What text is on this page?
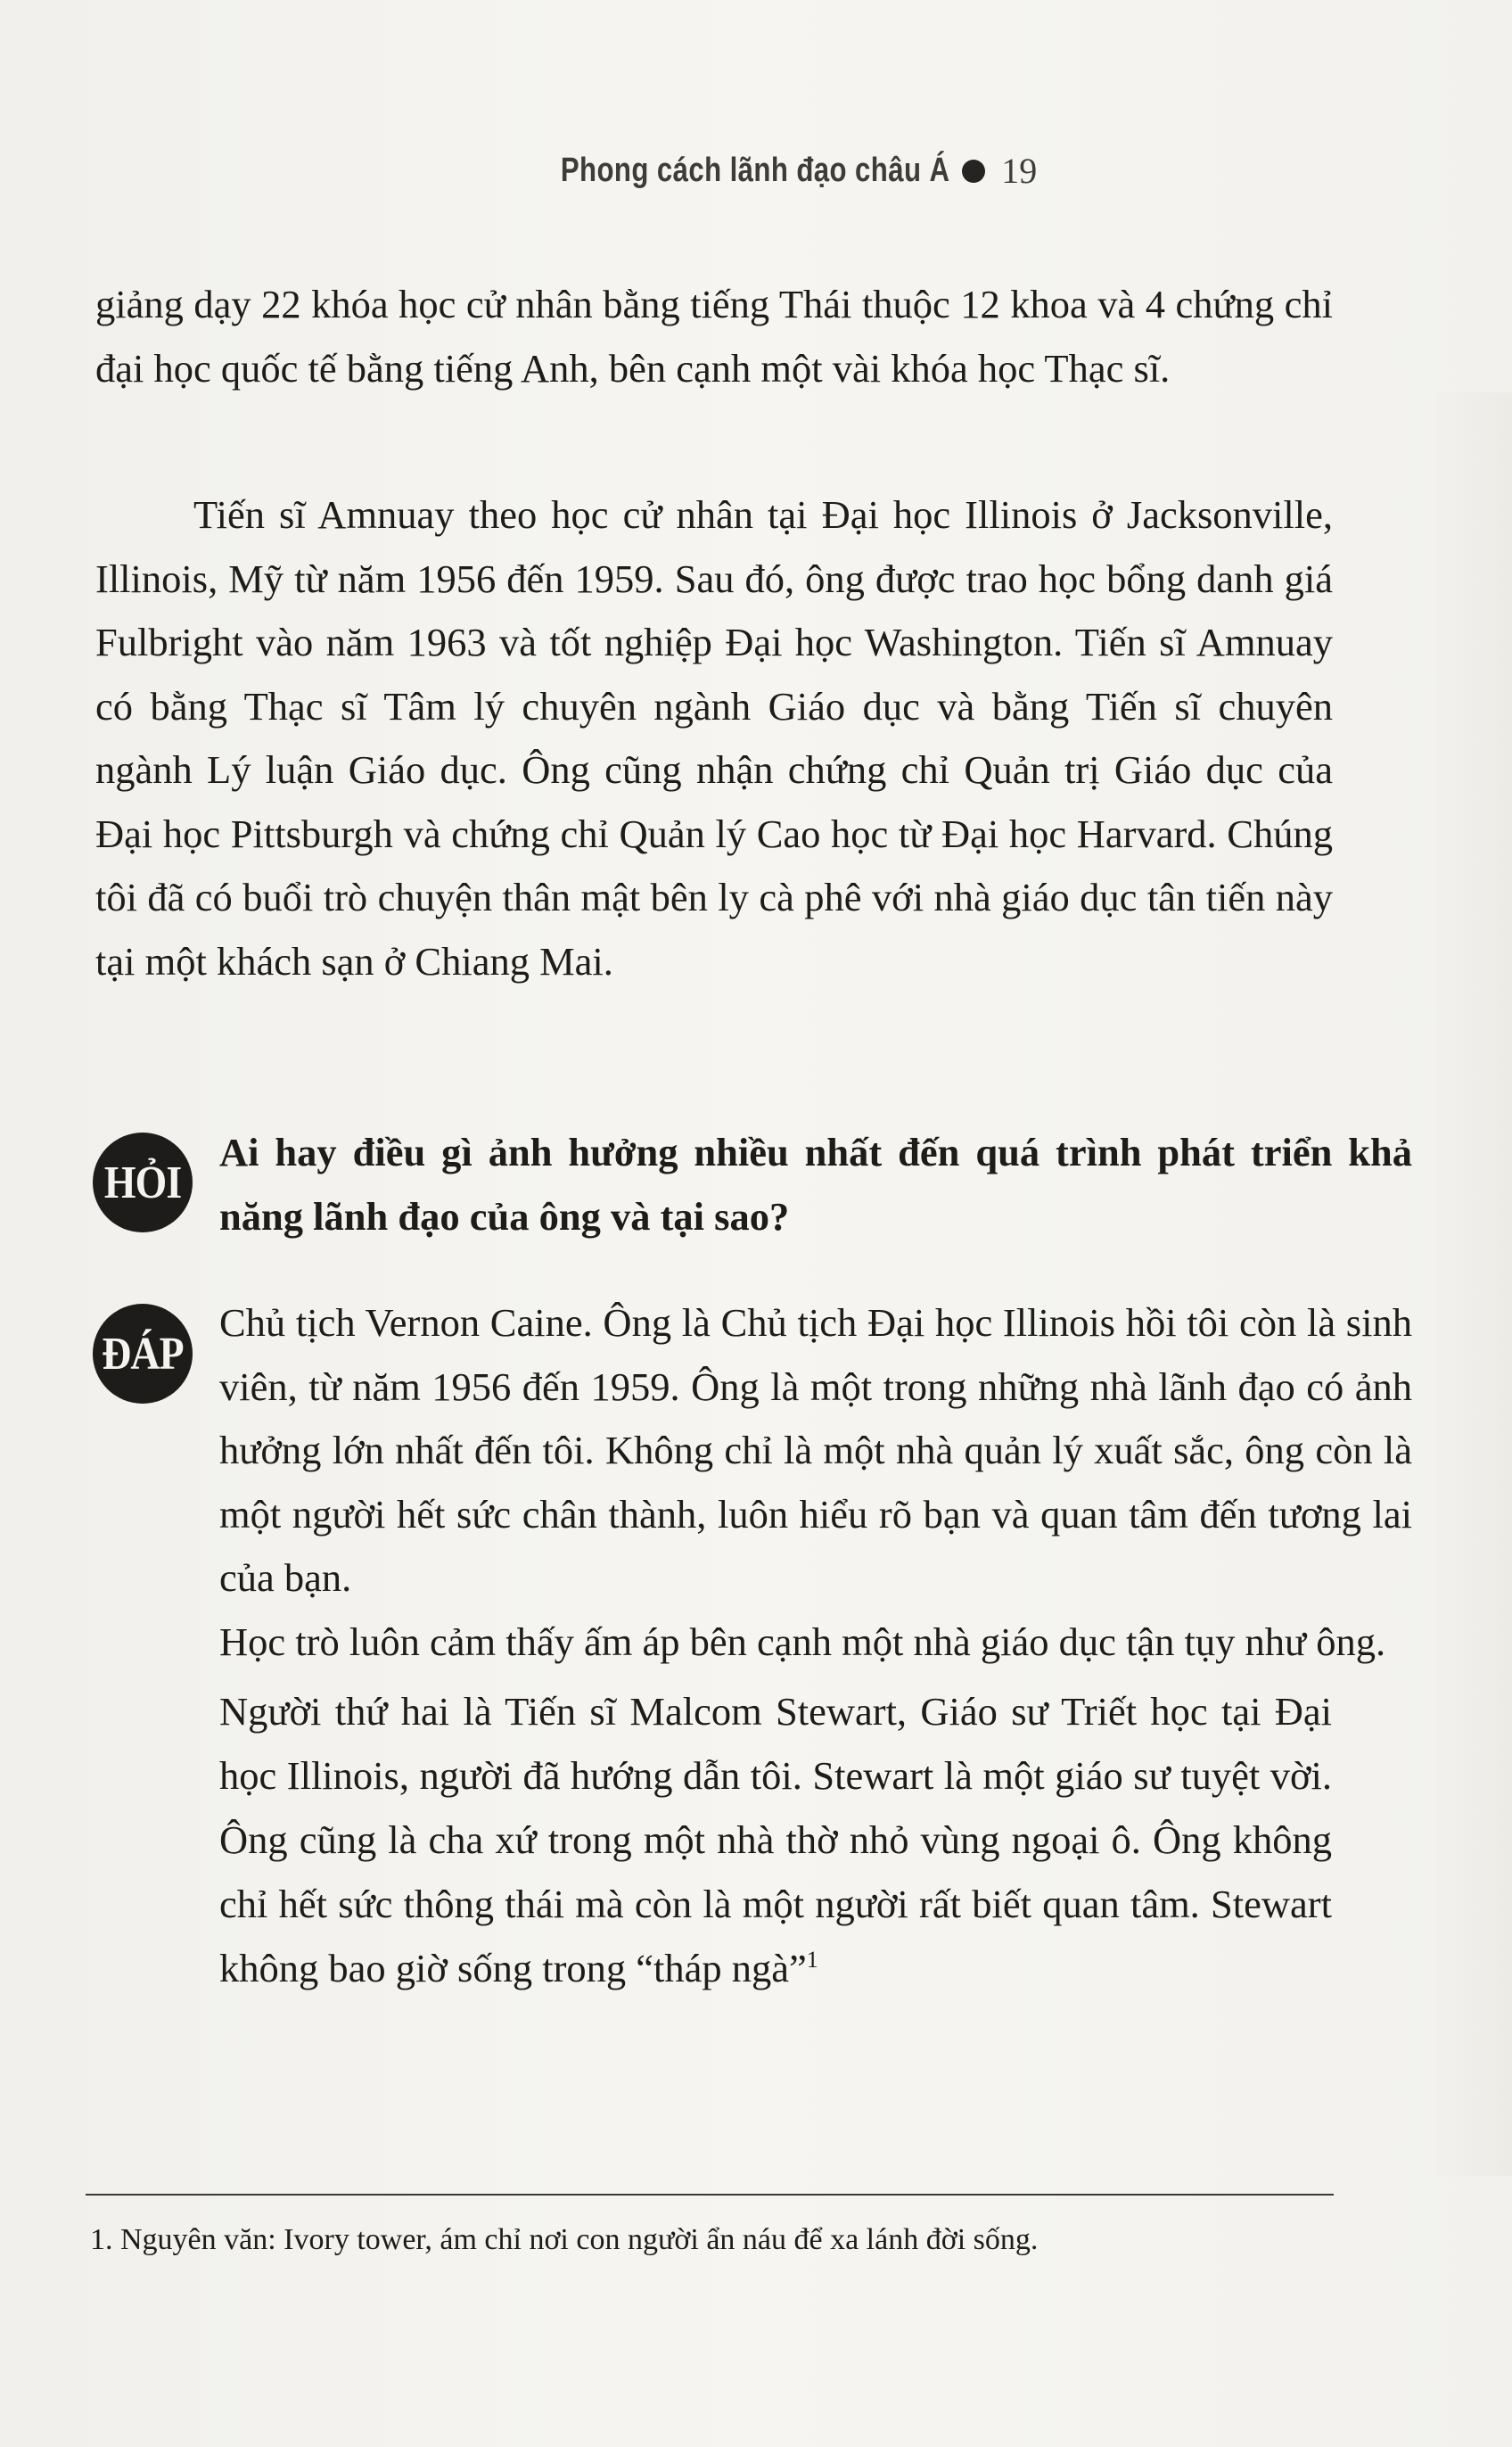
Phong cách lãnh đạo châu Á 19
giảng dạy 22 khóa học cử nhân bằng tiếng Thái thuộc 12 khoa và 4 chứng chỉ đại học quốc tế bằng tiếng Anh, bên cạnh một vài khóa học Thạc sĩ.
Tiến sĩ Amnuay theo học cử nhân tại Đại học Illinois ở Jacksonville, Illinois, Mỹ từ năm 1956 đến 1959. Sau đó, ông được trao học bổng danh giá Fulbright vào năm 1963 và tốt nghiệp Đại học Washington. Tiến sĩ Amnuay có bằng Thạc sĩ Tâm lý chuyên ngành Giáo dục và bằng Tiến sĩ chuyên ngành Lý luận Giáo dục. Ông cũng nhận chứng chỉ Quản trị Giáo dục của Đại học Pittsburgh và chứng chỉ Quản lý Cao học từ Đại học Harvard. Chúng tôi đã có buổi trò chuyện thân mật bên ly cà phê với nhà giáo dục tân tiến này tại một khách sạn ở Chiang Mai.
HỎI
Ai hay điều gì ảnh hưởng nhiều nhất đến quá trình phát triển khả năng lãnh đạo của ông và tại sao?
ĐÁP

Chủ tịch Vernon Caine. Ông là Chủ tịch Đại học Illinois hồi tôi còn là sinh viên, từ năm 1956 đến 1959. Ông là một trong những nhà lãnh đạo có ảnh hưởng lớn nhất đến tôi. Không chỉ là một nhà quản lý xuất sắc, ông còn là một người hết sức chân thành, luôn hiểu rõ bạn và quan tâm đến tương lai của bạn.

Học trò luôn cảm thấy ấm áp bên cạnh một nhà giáo dục tận tụy như ông.

Người thứ hai là Tiến sĩ Malcom Stewart, Giáo sư Triết học tại Đại học Illinois, người đã hướng dẫn tôi. Stewart là một giáo sư tuyệt vời. Ông cũng là cha xứ trong một nhà thờ nhỏ vùng ngoại ô. Ông không chỉ hết sức thông thái mà còn là một người rất biết quan tâm. Stewart không bao giờ sống trong “tháp ngà”$^1$
1. Nguyên văn: Ivory tower, ám chỉ nơi con người ẩn náu để xa lánh đời sống.
